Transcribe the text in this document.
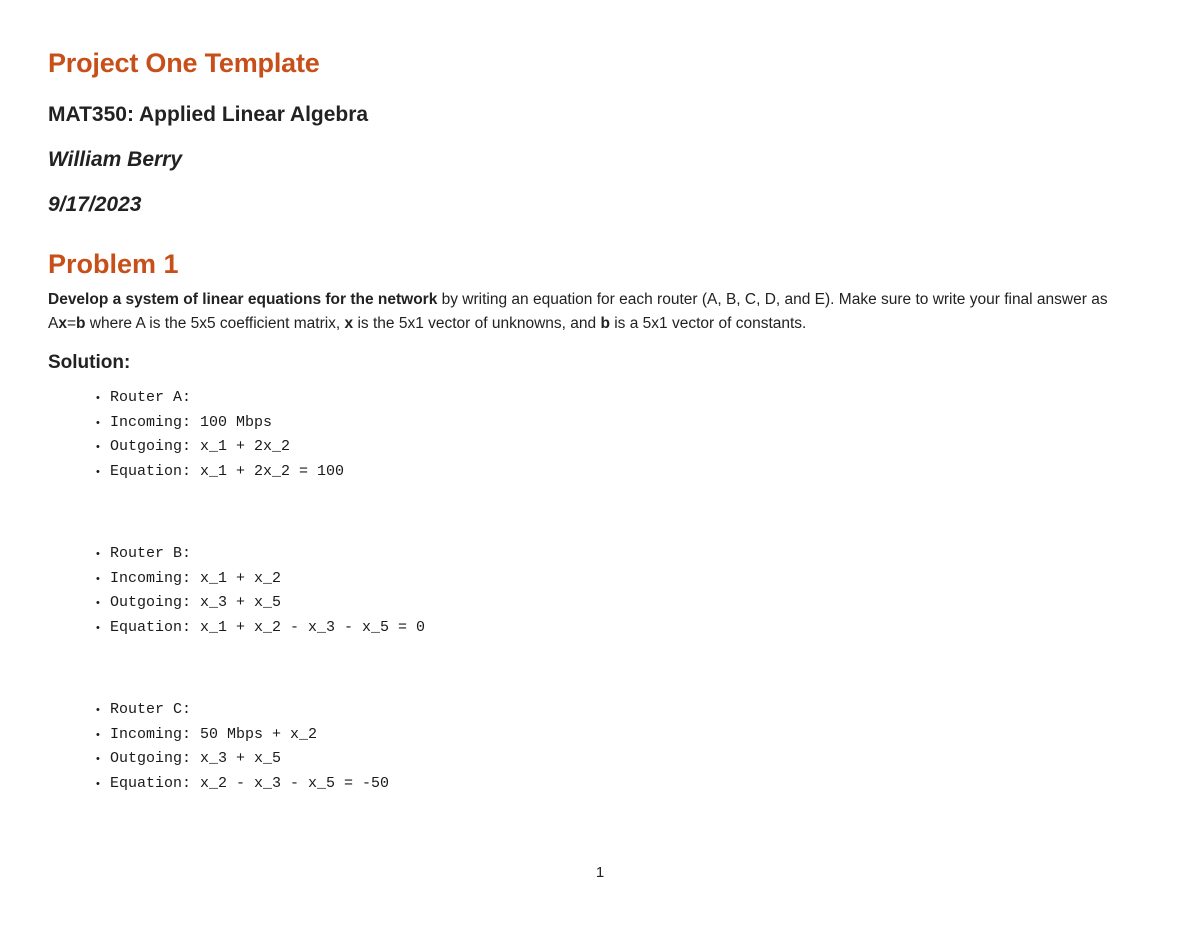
Project One Template
MAT350: Applied Linear Algebra
William Berry
9/17/2023
Problem 1

Develop a system of linear equations for the network by writing an equation for each router (A, B, C, D, and E). Make sure to write your final answer as Ax=b where A is the 5x5 coefficient matrix, x is the 5x1 vector of unknowns, and b is a 5x1 vector of constants.

Solution:
• Router A:
• Incoming: 100 Mbps
• Outgoing: x_1 + 2x_2
• Equation: x_1 + 2x_2 = 100
• Router B:
• Incoming: x_1 + x_2
• Outgoing: x_3 + x_5
• Equation: x_1 + x_2 - x_3 - x_5 = 0
• Router C:
• Incoming: 50 Mbps + x_2
• Outgoing: x_3 + x_5
• Equation: x_2 - x_3 - x_5 = -50
1
